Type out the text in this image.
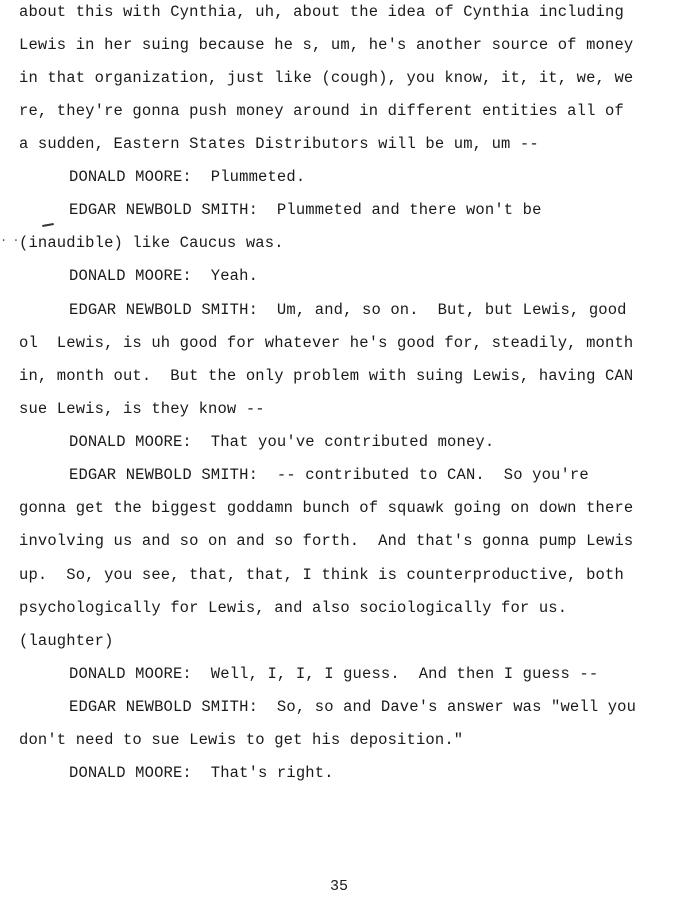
about this with Cynthia, uh, about the idea of Cynthia including
Lewis in her suing because he s, um, he's another source of money
in that organization, just like (cough), you know, it, it, we, we
re, they're gonna push money around in different entities all of
a sudden, Eastern States Distributors will be um, um --
DONALD MOORE:  Plummeted.
EDGAR NEWBOLD SMITH:  Plummeted and there won't be
. . (inaudible) like Caucus was.
DONALD MOORE:  Yeah.
EDGAR NEWBOLD SMITH:  Um, and, so on.  But, but Lewis, good
ol  Lewis, is uh good for whatever he's good for, steadily, month
in, month out.  But the only problem with suing Lewis, having CAN
sue Lewis, is they know --
DONALD MOORE:  That you've contributed money.
EDGAR NEWBOLD SMITH:  -- contributed to CAN.  So you're
gonna get the biggest goddamn bunch of squawk going on down there
involving us and so on and so forth.  And that's gonna pump Lewis
up.  So, you see, that, that, I think is counterproductive, both
psychologically for Lewis, and also sociologically for us.
(laughter)
DONALD MOORE:  Well, I, I, I guess.  And then I guess --
EDGAR NEWBOLD SMITH:  So, so and Dave's answer was "well you
don't need to sue Lewis to get his deposition."
DONALD MOORE:  That's right.
35
